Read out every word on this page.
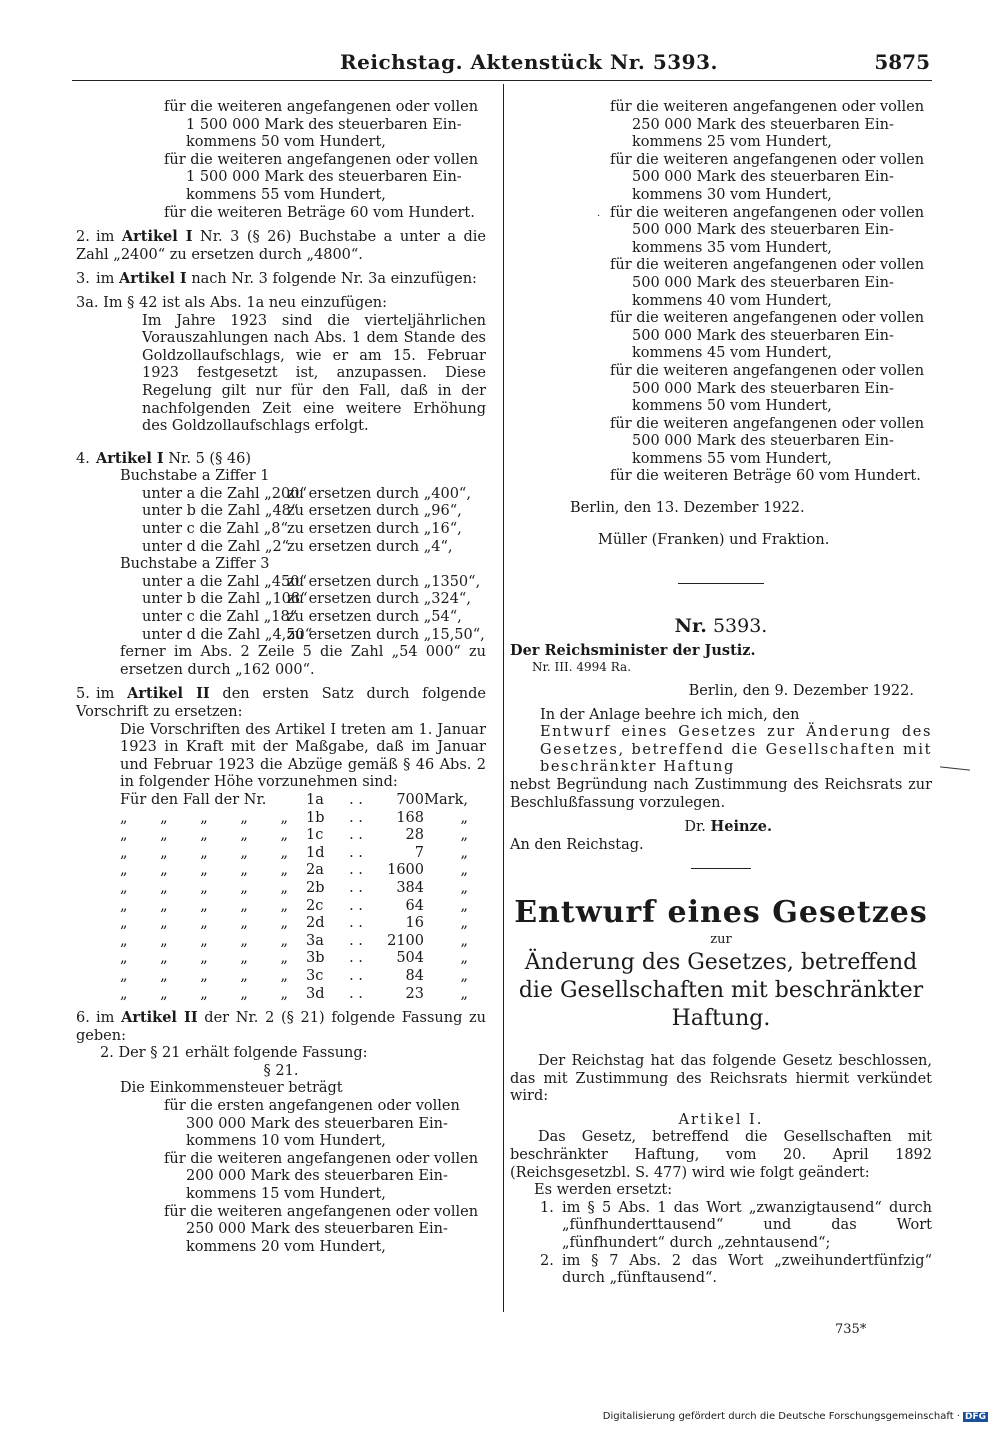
Reichstag. Aktenstück Nr. 5393.	5875

für die weiteren angefangenen oder vollen

1 500 000 Mark des steuerbaren Ein-

kommens 50 vom Hundert,

für die weiteren angefangenen oder vollen

1 500 000 Mark des steuerbaren Ein-

kommens 55 vom Hundert,

für die weiteren Beträge 60 vom Hundert.

2. im Artikel I Nr. 3 (§ 26) Buchstabe a unter a die Zahl „2400“ zu ersetzen durch „4800“.

3. im Artikel I nach Nr. 3 folgende Nr. 3a einzufügen:

3a. Im § 42 ist als Abs. 1a neu einzufügen:

Im Jahre 1923 sind die vierteljährlichen Vorauszahlungen nach Abs. 1 dem Stande des Goldzollaufschlags, wie er am 15. Februar 1923 festgesetzt ist, anzupassen. Diese Regelung gilt nur für den Fall, daß in der nachfolgenden Zeit eine weitere Erhöhung des Goldzollaufschlags erfolgt.

4. Artikel I Nr. 5 (§ 46)

Buchstabe a Ziffer 1

unter a die Zahl „200“
zu ersetzen durch „400“,
unter b die Zahl „48“
zu ersetzen durch „96“,
unter c die Zahl „8“ zu ersetzen durch „16“,
unter d die Zahl „2“
zu ersetzen durch „4“,

Buchstabe a Ziffer 3

unter a die Zahl „450“
zu ersetzen durch „1350“,
unter b die Zahl „108“
zu ersetzen durch „324“,
unter c die Zahl „18“
zu ersetzen durch „54“,
unter d die Zahl „4,50“
zu ersetzen durch „15,50“,

ferner im Abs. 2 Zeile 5 die Zahl „54 000“ zu ersetzen durch „162 000“.

5. im Artikel II den ersten Satz durch folgende Vorschrift zu ersetzen:

Die Vorschriften des Artikel I treten am 1. Januar 1923 in Kraft mit der Maßgabe, daß im Januar und Februar 1923 die Abzüge gemäß § 46 Abs. 2 in folgender Höhe vorzunehmen sind:

Für den Fall der Nr.	1a	. .	700 Mark,
„ „ „ „ „ 1b	. .	168	„
„ „ „ „ „ 1c	. .	28	„
„ „ „ „ „ 1d	. .	7	„
„ „ „ „ „ 2a	. .	1600	„
„ „ „ „ „ 2b	. .	384	„
„ „ „ „ „ 2c	. .	64	„
„ „ „ „ „ 2d	. .	16	„
„ „ „ „ „ 3a	. .	2100	„
„ „ „ „ „ 3b	. .	504	„
„ „ „ „ „ 3c	. .	84	„
„ „ „ „ „ 3d	. .	23	„

6. im Artikel II der Nr. 2 (§ 21) folgende Fassung zu geben:

2. Der § 21 erhält folgende Fassung:

§ 21.

Die Einkommensteuer beträgt

für die ersten angefangenen oder vollen

300 000 Mark des steuerbaren Ein-

kommens 10 vom Hundert,

für die weiteren angefangenen oder vollen

200 000 Mark des steuerbaren Ein-

kommens 15 vom Hundert,

für die weiteren angefangenen oder vollen

250 000 Mark des steuerbaren Ein-

kommens 20 vom Hundert,

für die weiteren angefangenen oder vollen

250 000 Mark des steuerbaren Ein-

kommens 25 vom Hundert,

für die weiteren angefangenen oder vollen

500 000 Mark des steuerbaren Ein-

kommens 30 vom Hundert,

für die weiteren angefangenen oder vollen

500 000 Mark des steuerbaren Ein-

kommens 35 vom Hundert,

für die weiteren angefangenen oder vollen

500 000 Mark des steuerbaren Ein-

kommens 40 vom Hundert,

für die weiteren angefangenen oder vollen

500 000 Mark des steuerbaren Ein-

kommens 45 vom Hundert,

für die weiteren angefangenen oder vollen

500 000 Mark des steuerbaren Ein-

kommens 50 vom Hundert,

für die weiteren angefangenen oder vollen

500 000 Mark des steuerbaren Ein-

kommens 55 vom Hundert,

für die weiteren Beträge 60 vom Hundert.

Berlin, den 13. Dezember 1922.

Müller (Franken) und Fraktion.

Nr. 5393.

Der Reichsminister der Justiz.

Nr. III. 4994 Ra.

Berlin, den 9. Dezember 1922.

In der Anlage beehre ich mich, den

Entwurf eines Gesetzes zur Änderung des Gesetzes, betreffend die Gesellschaften mit beschränkter Haftung

nebst Begründung nach Zustimmung des Reichsrats zur Beschlußfassung vorzulegen.

Dr. Heinze.

An den Reichstag.

Entwurf eines Gesetzes

zur

Änderung des Gesetzes, betreffend die Gesellschaften mit beschränkter Haftung.

Der Reichstag hat das folgende Gesetz beschlossen, das mit Zustimmung des Reichsrats hiermit verkündet wird:

Artikel I.

Das Gesetz, betreffend die Gesellschaften mit beschränkter Haftung, vom 20. April 1892 (Reichsgesetzbl. S. 477) wird wie folgt geändert:

Es werden ersetzt:

1. im § 5 Abs. 1 das Wort „zwanzigtausend“ durch „fünfhunderttausend“ und das Wort „fünfhundert“ durch „zehntausend“;

2. im § 7 Abs. 2 das Wort „zweihundertfünfzig“ durch „fünftausend“.

·
735*
Digitalisierung gefördert durch die Deutsche Forschungsgemeinschaft · DFG
